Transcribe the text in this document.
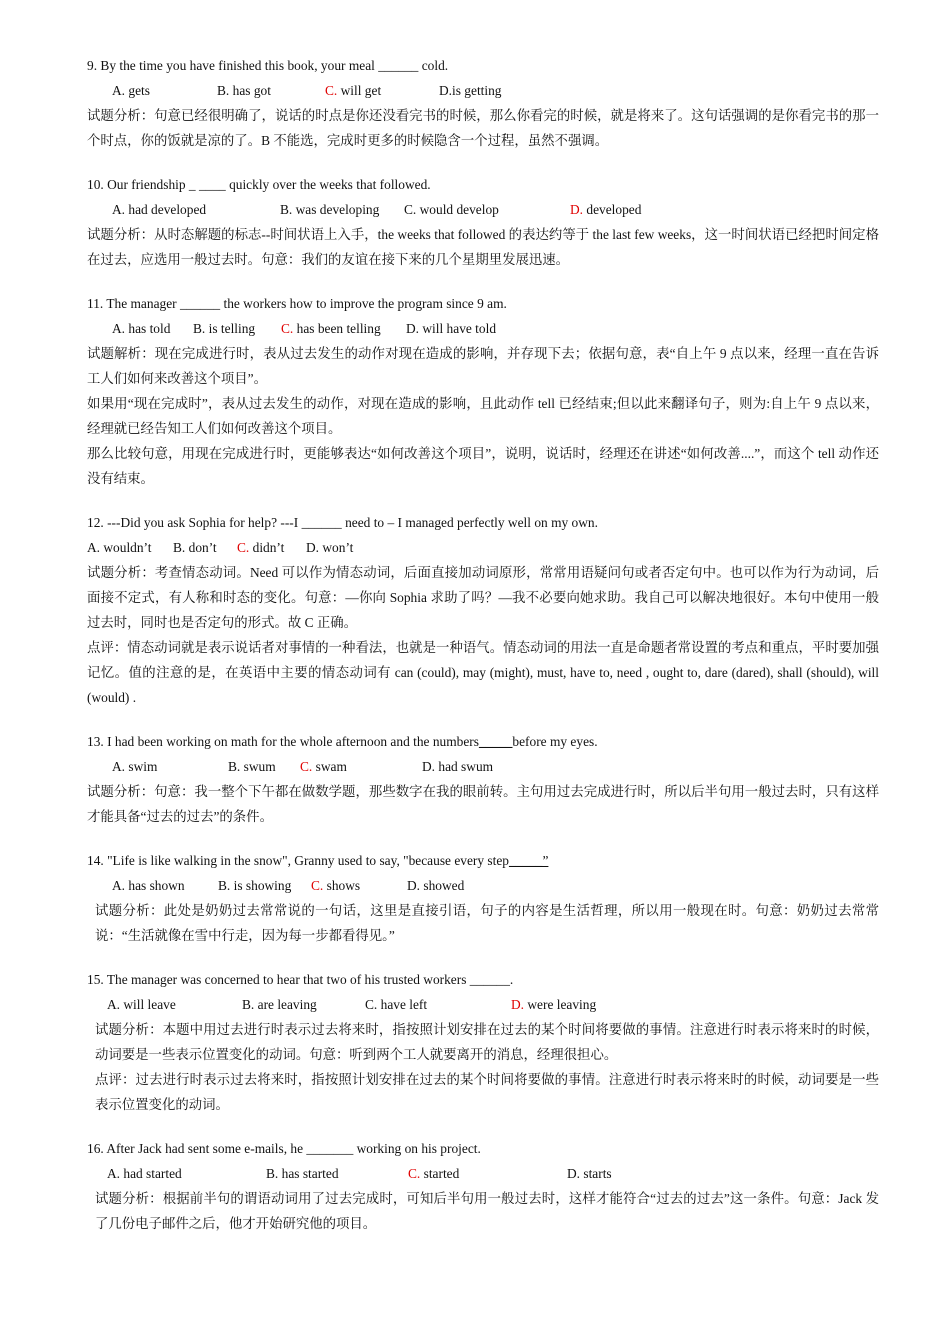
9. By the time you have finished this book, your meal ______ cold.
A. gets	B. has got	C. will get	D.is getting
试题分析：句意已经很明确了，说话的时点是你还没看完书的时候，那么你看完的时候，就是将来了。这句话强调的是你看完书的那一个时点，你的饭就是凉的了。B 不能选，完成时更多的时候隐含一个过程，虽然不强调。
10. Our friendship _ ____ quickly over the weeks that followed.
A. had developed	B. was developing C. would develop	D. developed
试题分析：从时态解题的标志--时间状语上入手，the weeks that followed 的表达约等于 the last few weeks，这一时间状语已经把时间定格在过去，应选用一般过去时。句意：我们的友谊在接下来的几个星期里发展迅速。
11. The manager ______ the workers how to improve the program since 9 am.
A. has told B. is telling C. has been telling D. will have told
试题解析：现在完成进行时，表从过去发生的动作对现在造成的影响，并存现下去；依据句意，表“自上午 9 点以来，经理一直在告诉工人们如何来改善这个项目”。
如果用“现在完成时”，表从过去发生的动作，对现在造成的影响，且此动作 tell 已经结束;但以此来翻译句子，则为:自上午 9 点以来，经理就已经告知工人们如何改善这个项目。
那么比较句意，用现在完成进行时，更能够表达“如何改善这个项目”，说明，说话时，经理还在讲述“如何改善....”，而这个 tell 动作还没有结束。
12. ---Did you ask Sophia for help? ---I ______ need to – I managed perfectly well on my own.
A. wouldn’t B. don’t C. didn’t D. won’t
试题分析：考查情态动词。Need 可以作为情态动词，后面直接加动词原形，常常用语疑问句或者否定句中。也可以作为行为动词，后面接不定式，有人称和时态的变化。句意：—你向 Sophia 求助了吗？—我不必要向她求助。我自己可以解决地很好。本句中使用一般过去时，同时也是否定句的形式。故 C 正确。
点评：情态动词就是表示说话者对事情的一种看法，也就是一种语气。情态动词的用法一直是命题者常设置的考点和重点，平时要加强记忆。值的注意的是，在英语中主要的情态动词有 can (could), may (might), must, have to, need , ought to, dare (dared), shall (should), will (would) .
13. I had been working on math for the whole afternoon and the numbers_____before my eyes.
A. swim	B. swum C. swam	D. had swum
试题分析：句意：我一整个下午都在做数学题，那些数字在我的眼前转。主句用过去完成进行时，所以后半句用一般过去时，只有这样才能具备“过去的过去”的条件。
14. "Life is like walking in the snow", Granny used to say, "because every step_____”
A. has shown B. is showing C. shows	D. showed
试题分析：此处是奶奶过去常常说的一句话，这里是直接引语，句子的内容是生活哲理，所以用一般现在时。句意：奶奶过去常常说：“生活就像在雪中行走，因为每一步都看得见。”
15. The manager was concerned to hear that two of his trusted workers ______.
A. will leave	B. are leaving	C. have left	D. were leaving
试题分析：本题中用过去进行时表示过去将来时，指按照计划安排在过去的某个时间将要做的事情。注意进行时表示将来时的时候，动词要是一些表示位置变化的动词。句意：听到两个工人就要离开的消息，经理很担心。
点评：过去进行时表示过去将来时，指按照计划安排在过去的某个时间将要做的事情。注意进行时表示将来时的时候，动词要是一些表示位置变化的动词。
16. After Jack had sent some e-mails, he _______ working on his project.
A. had started	B. has started	C. started	D. starts
试题分析：根据前半句的谓语动词用了过去完成时，可知后半句用一般过去时，这样才能符合“过去的过去”这一条件。句意：Jack 发了几份电子邮件之后，他才开始研究他的项目。
